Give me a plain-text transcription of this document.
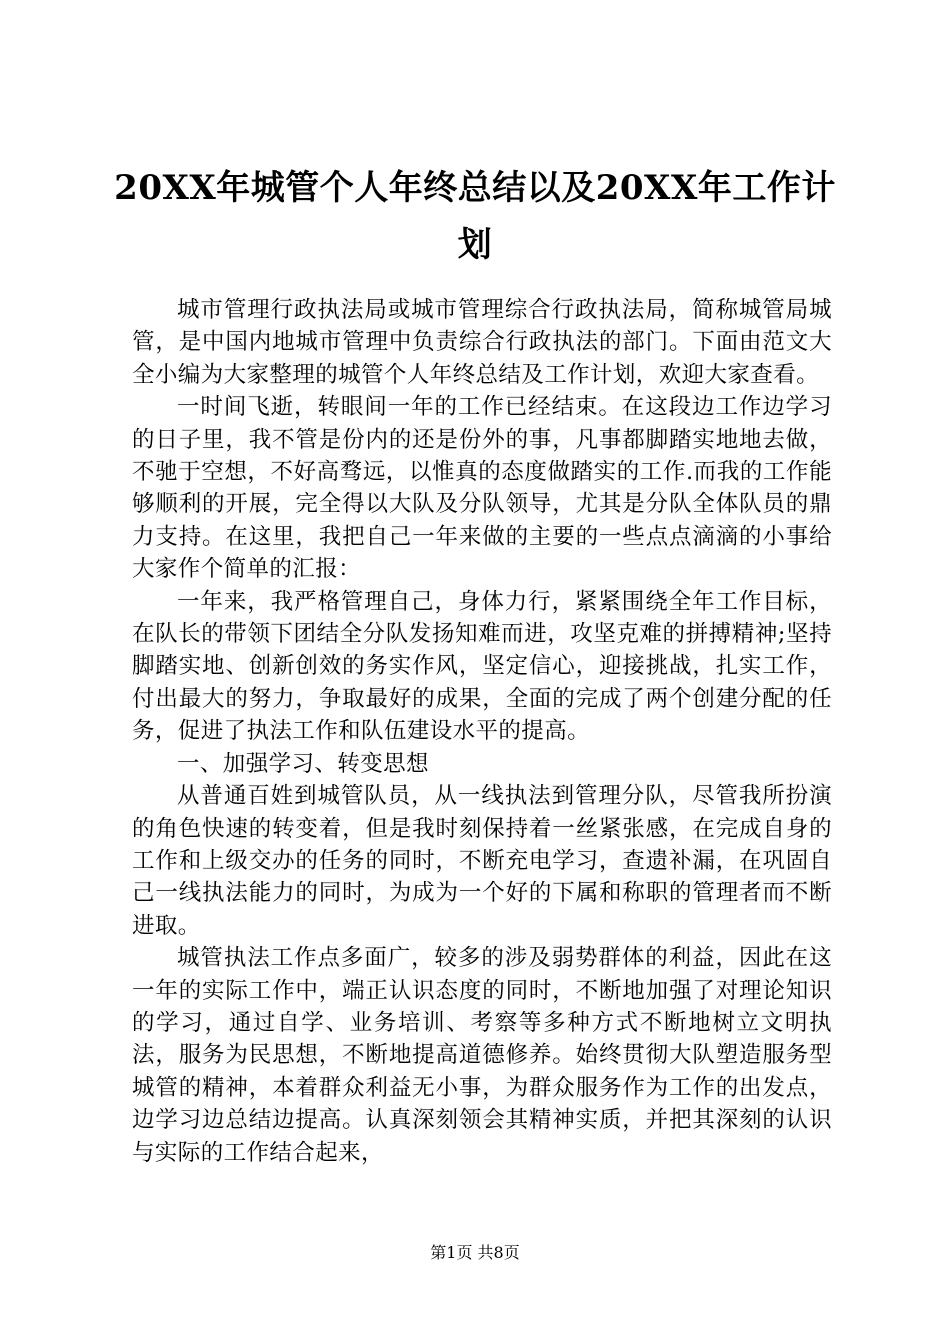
20XX年城管个人年终总结以及20XX年工作计划

城市管理行政执法局或城市管理综合行政执法局，简称城管局城管，是中国内地城市管理中负责综合行政执法的部门。下面由范文大全小编为大家整理的城管个人年终总结及工作计划，欢迎大家查看。

一时间飞逝，转眼间一年的工作已经结束。在这段边工作边学习的日子里，我不管是份内的还是份外的事，凡事都脚踏实地地去做，不驰于空想，不好高骛远，以惟真的态度做踏实的工作.而我的工作能够顺利的开展，完全得以大队及分队领导，尤其是分队全体队员的鼎力支持。在这里，我把自己一年来做的主要的一些点点滴滴的小事给大家作个简单的汇报：

一年来，我严格管理自己，身体力行，紧紧围绕全年工作目标，在队长的带领下团结全分队发扬知难而进，攻坚克难的拼搏精神;坚持脚踏实地、创新创效的务实作风，坚定信心，迎接挑战，扎实工作，付出最大的努力，争取最好的成果，全面的完成了两个创建分配的任务，促进了执法工作和队伍建设水平的提高。

一、加强学习、转变思想

从普通百姓到城管队员，从一线执法到管理分队，尽管我所扮演的角色快速的转变着，但是我时刻保持着一丝紧张感，在完成自身的工作和上级交办的任务的同时，不断充电学习，查遗补漏，在巩固自己一线执法能力的同时，为成为一个好的下属和称职的管理者而不断进取。

城管执法工作点多面广，较多的涉及弱势群体的利益，因此在这一年的实际工作中，端正认识态度的同时，不断地加强了对理论知识的学习，通过自学、业务培训、考察等多种方式不断地树立文明执法，服务为民思想，不断地提高道德修养。始终贯彻大队塑造服务型城管的精神，本着群众利益无小事，为群众服务作为工作的出发点，边学习边总结边提高。认真深刻领会其精神实质，并把其深刻的认识与实际的工作结合起来，

第1页 共8页
